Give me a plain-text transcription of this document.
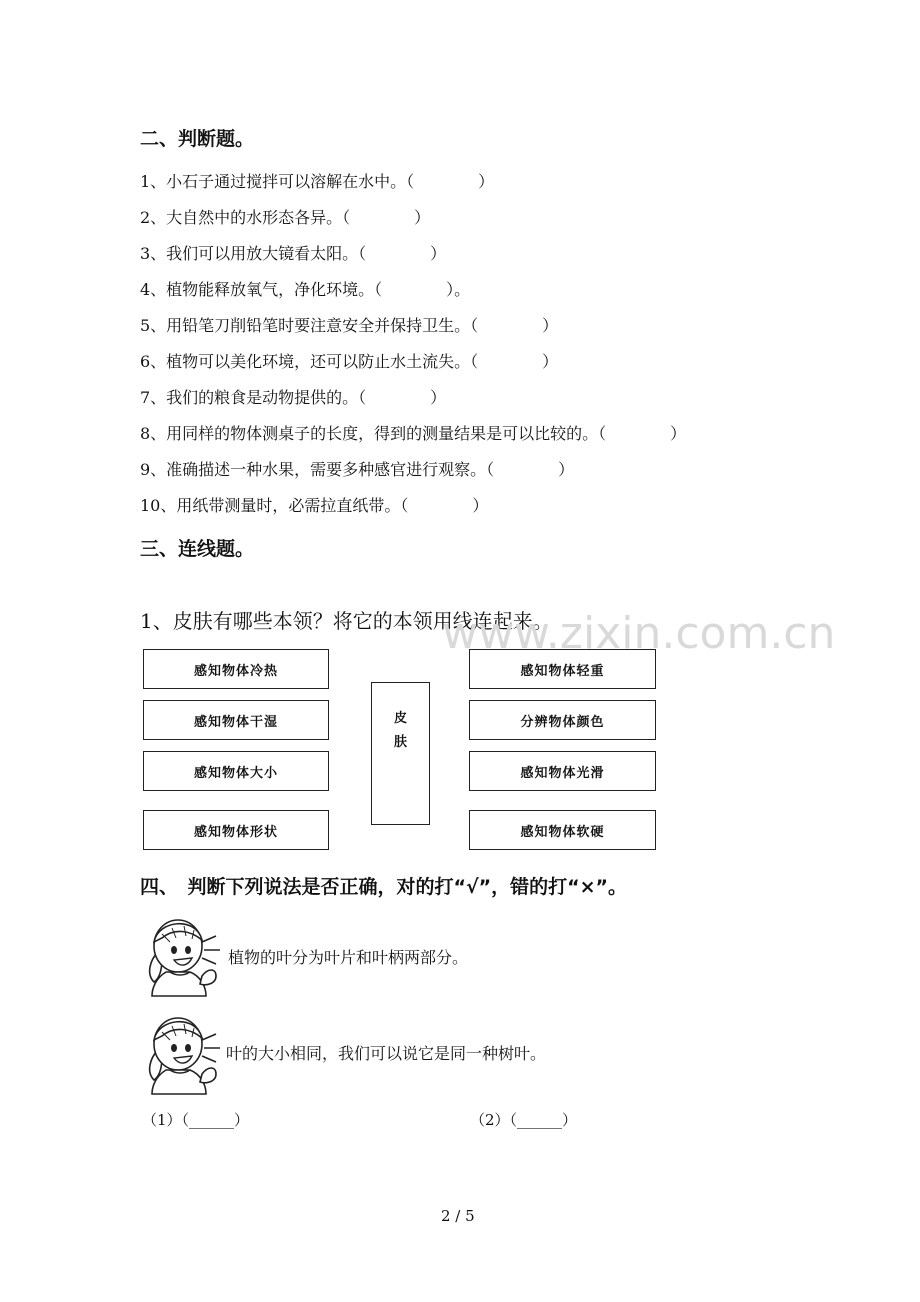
二、判断题。
1、小石子通过搅拌可以溶解在水中。（　　　　）
2、大自然中的水形态各异。（　　　　）
3、我们可以用放大镜看太阳。（　　　　）
4、植物能释放氧气，净化环境。（　　　　）。
5、用铅笔刀削铅笔时要注意安全并保持卫生。（　　　　）
6、植物可以美化环境，还可以防止水土流失。（　　　　）
7、我们的粮食是动物提供的。（　　　　）
8、用同样的物体测桌子的长度，得到的测量结果是可以比较的。（　　　　）
9、准确描述一种水果，需要多种感官进行观察。（　　　　）
10、用纸带测量时，必需拉直纸带。（　　　　）
三、连线题。
1、皮肤有哪些本领？将它的本领用线连起来。
www.zixin.com.cn
感知物体冷热
感知物体干湿
感知物体大小
感知物体形状
皮
肤
感知物体轻重
分辨物体颜色
感知物体光滑
感知物体软硬
四、　判断下列说法是否正确，对的打“√”，错的打“×”。
植物的叶分为叶片和叶柄两部分。
叶的大小相同，我们可以说它是同一种树叶。
（1）（______）	（2）（______）
2 / 5
